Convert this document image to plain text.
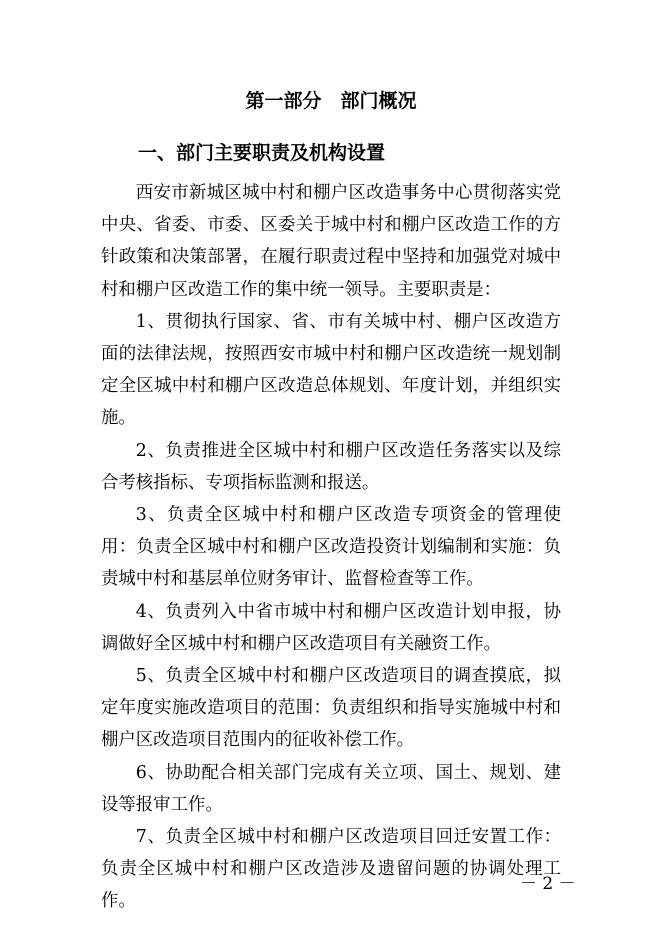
第一部分　部门概况
一、部门主要职责及机构设置

西安市新城区城中村和棚户区改造事务中心贯彻落实党中央、省委、市委、区委关于城中村和棚户区改造工作的方针政策和决策部署，在履行职责过程中坚持和加强党对城中村和棚户区改造工作的集中统一领导。主要职责是：

1、贯彻执行国家、省、市有关城中村、棚户区改造方面的法律法规，按照西安市城中村和棚户区改造统一规划制定全区城中村和棚户区改造总体规划、年度计划，并组织实施。

2、负责推进全区城中村和棚户区改造任务落实以及综合考核指标、专项指标监测和报送。

3、负责全区城中村和棚户区改造专项资金的管理使用：负责全区城中村和棚户区改造投资计划编制和实施：负责城中村和基层单位财务审计、监督检查等工作。

4、负责列入中省市城中村和棚户区改造计划申报，协调做好全区城中村和棚户区改造项目有关融资工作。

5、负责全区城中村和棚户区改造项目的调查摸底，拟定年度实施改造项目的范围：负责组织和指导实施城中村和棚户区改造项目范围内的征收补偿工作。

6、协助配合相关部门完成有关立项、国土、规划、建设等报审工作。

7、负责全区城中村和棚户区改造项目回迁安置工作：负责全区城中村和棚户区改造涉及遗留问题的协调处理工作。

－ 2 －
